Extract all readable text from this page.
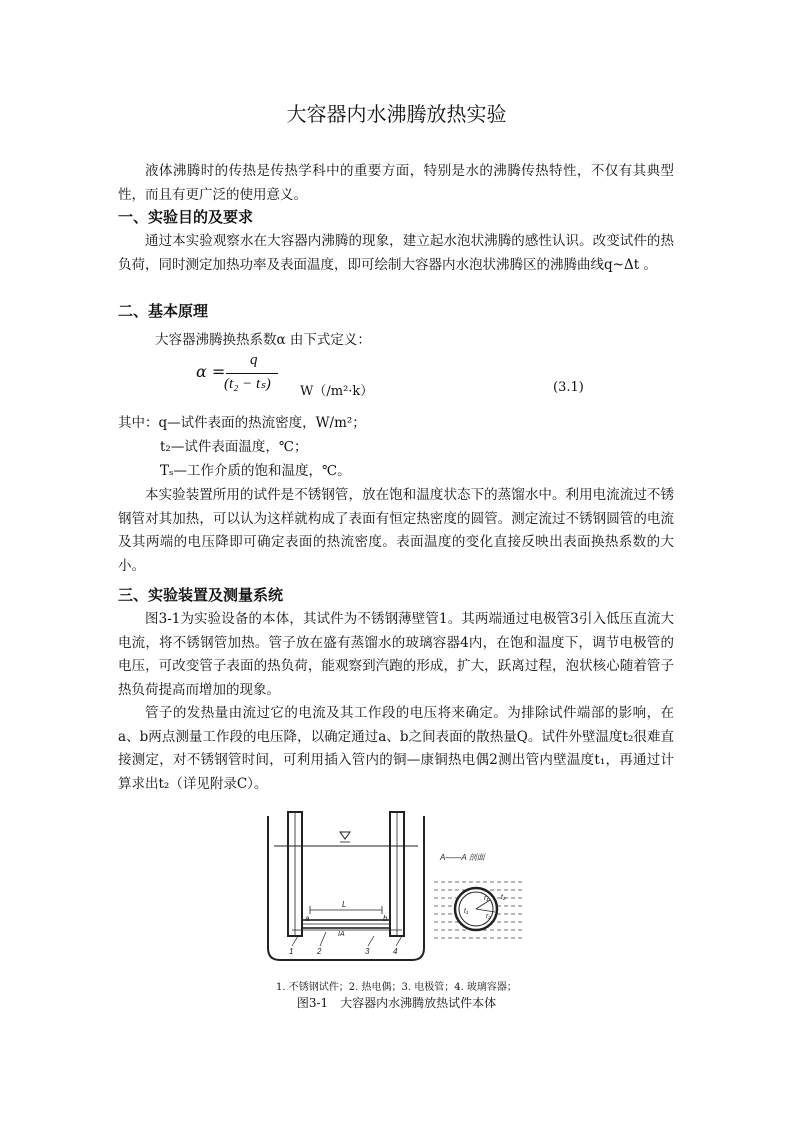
大容器内水沸腾放热实验

液体沸腾时的传热是传热学科中的重要方面，特别是水的沸腾传热特性，不仅有其典型性，而且有更广泛的使用意义。

一、实验目的及要求

通过本实验观察水在大容器内沸腾的现象，建立起水泡状沸腾的感性认识。改变试件的热负荷，同时测定加热功率及表面温度，即可绘制大容器内水泡状沸腾区的沸腾曲线q~Δt 。

二、基本原理
大容器沸腾换热系数α 由下式定义：
α =
q
(t₂ − tₛ) W（/m²·k）	(3.1)
其中：q—试件表面的热流密度，W/m²；
t₂—试件表面温度，℃；
Tₛ—工作介质的饱和温度，℃。

本实验装置所用的试件是不锈钢管，放在饱和温度状态下的蒸馏水中。利用电流流过不锈钢管对其加热，可以认为这样就构成了表面有恒定热密度的圆管。测定流过不锈钢圆管的电流及其两端的电压降即可确定表面的热流密度。表面温度的变化直接反映出表面换热系数的大小。

三、实验装置及测量系统

图3-1为实验设备的本体，其试件为不锈钢薄壁管1。其两端通过电极管3引入低压直流大电流，将不锈钢管加热。管子放在盛有蒸馏水的玻璃容器4内，在饱和温度下，调节电极管的电压，可改变管子表面的热负荷，能观察到汽跑的形成，扩大，跃离过程，泡状核心随着管子热负荷提高而增加的现象。

管子的发热量由流过它的电流及其工作段的电压将来确定。为排除试件端部的影响，在a、b两点测量工作段的电压降，以确定通过a、b之间表面的散热量Q。试件外壁温度t₂很难直接测定，对不锈钢管时间，可利用插入管内的铜—康铜热电偶2测出管内壁温度t₁，再通过计算求出t₂（详见附录C）。

L
a	b
IA
1	2	3	4
A——A 剖面
t₁
t₂
r₁
r₂
1. 不锈钢试件；2. 热电偶；3. 电极管；4. 玻璃容器；
图3-1　大容器内水沸腾放热试件本体
